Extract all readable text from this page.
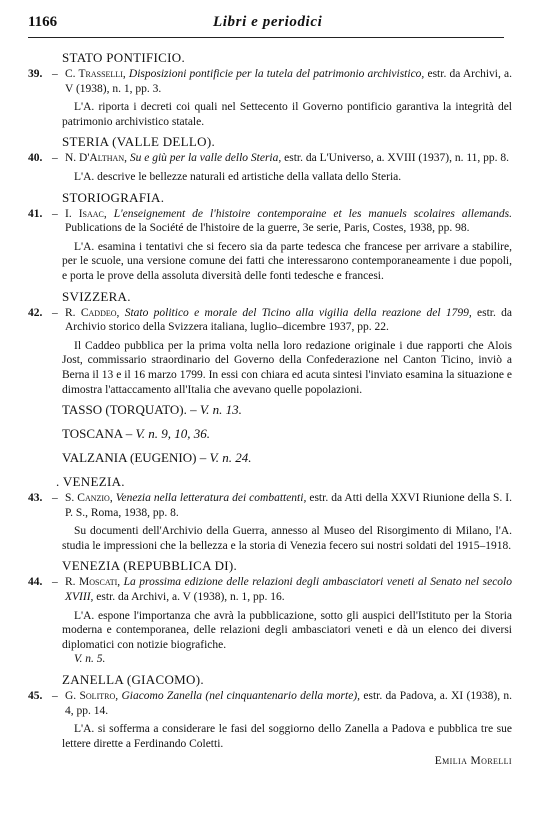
1166	Libri e periodici
STATO PONTIFICIO.
39. – C. Trasselli, Disposizioni pontificie per la tutela del patrimonio archivistico, estr. da Archivi, a. V (1938), n. 1, pp. 3.
L'A. riporta i decreti coi quali nel Settecento il Governo pontificio garantiva la integrità del patrimonio archivistico statale.
STERIA (VALLE DELLO).
40. – N. D'Althan, Su e giù per la valle dello Steria, estr. da L'Universo, a. XVIII (1937), n. 11, pp. 8.
L'A. descrive le bellezze naturali ed artistiche della vallata dello Steria.
STORIOGRAFIA.
41. – I. Isaac, L'enseignement de l'histoire contemporaine et les manuels scolaires allemands. Publications de la Société de l'histoire de la guerre, 3e serie, Paris, Costes, 1938, pp. 98.
L'A. esamina i tentativi che si fecero sia da parte tedesca che francese per arrivare a stabilire, per le scuole, una versione comune dei fatti che interessarono contemporaneamente i due popoli, e porta le prove della assoluta diversità delle fonti tedesche e francesi.
SVIZZERA.
42. – R. Caddeo, Stato politico e morale del Ticino alla vigilia della reazione del 1799, estr. da Archivio storico della Svizzera italiana, luglio–dicembre 1937, pp. 22.
Il Caddeo pubblica per la prima volta nella loro redazione originale i due rapporti che Alois Jost, commissario straordinario del Governo della Confederazione nel Canton Ticino, inviò a Berna il 13 e il 16 marzo 1799. In essi con chiara ed acuta sintesi l'inviato esamina la situazione e dimostra l'attaccamento all'Italia che avevano quelle popolazioni.
TASSO (TORQUATO). – V. n. 13.
TOSCANA – V. n. 9, 10, 36.
VALZANIA (EUGENIO) – V. n. 24.
. VENEZIA.
43. – S. Canzio, Venezia nella letteratura dei combattenti, estr. da Atti della XXVI Riunione della S. I. P. S., Roma, 1938, pp. 8.
Su documenti dell'Archivio della Guerra, annesso al Museo del Risorgimento di Milano, l'A. studia le impressioni che la bellezza e la storia di Venezia fecero sui nostri soldati del 1915–1918.
VENEZIA (REPUBBLICA DI).
44. – R. Moscati, La prossima edizione delle relazioni degli ambasciatori veneti al Senato nel secolo XVIII, estr. da Archivi, a. V (1938), n. 1, pp. 16.
L'A. espone l'importanza che avrà la pubblicazione, sotto gli auspici dell'Istituto per la Storia moderna e contemporanea, delle relazioni degli ambasciatori veneti e dà un elenco dei diversi diplomatici con notizie biografiche.
V. n. 5.
ZANELLA (GIACOMO).
45. – G. Solitro, Giacomo Zanella (nel cinquantenario della morte), estr. da Padova, a. XI (1938), n. 4, pp. 14.
L'A. si sofferma a considerare le fasi del soggiorno dello Zanella a Padova e pubblica tre sue lettere dirette a Ferdinando Coletti.
Emilia Morelli
